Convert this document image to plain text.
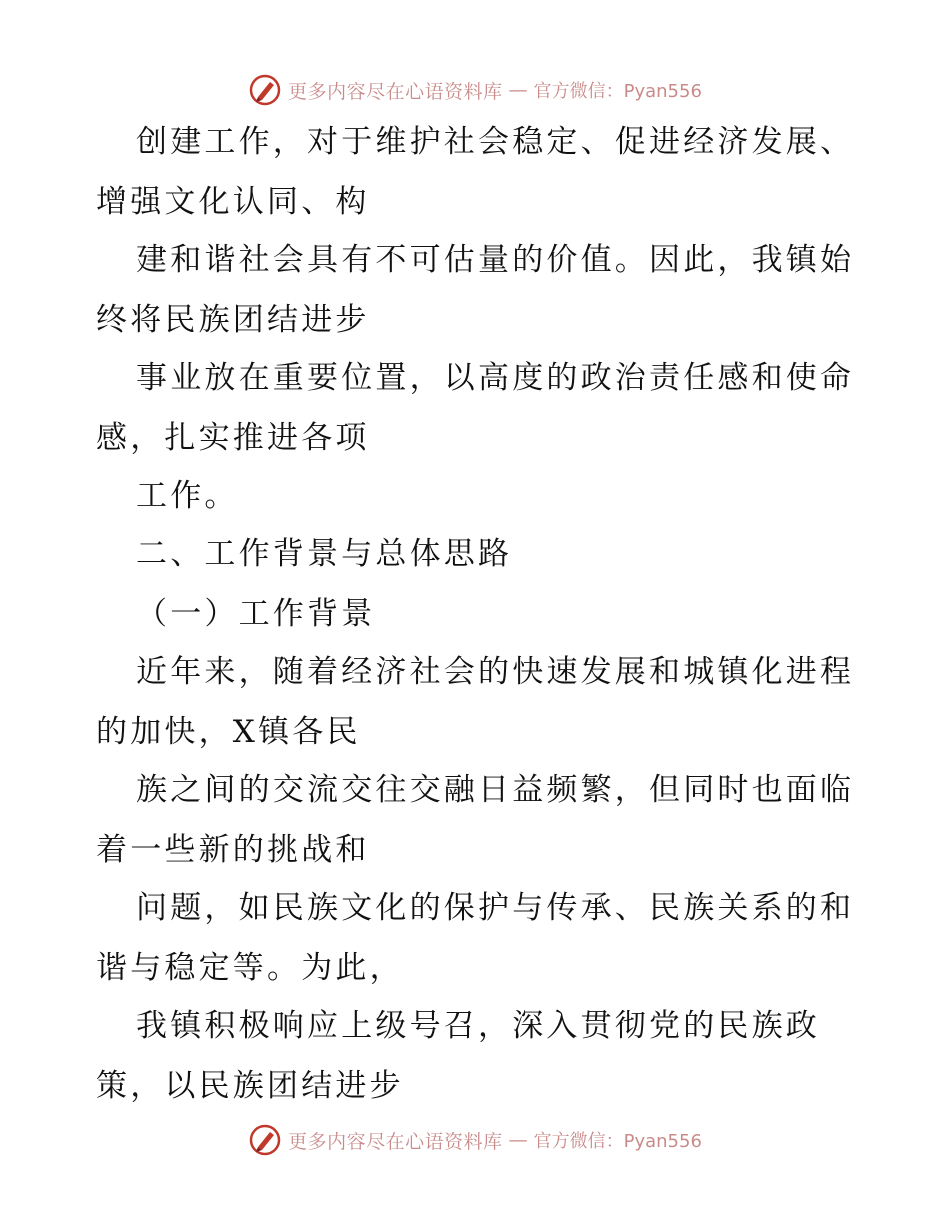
更多内容尽在心语资料库 — 官方微信：Pyan556
创建工作，对于维护社会稳定、促进经济发展、
增强文化认同、构
建和谐社会具有不可估量的价值。因此，我镇始
终将民族团结进步
事业放在重要位置，以高度的政治责任感和使命
感，扎实推进各项
工作。
二、工作背景与总体思路
（一）工作背景
近年来，随着经济社会的快速发展和城镇化进程
的加快，X镇各民
族之间的交流交往交融日益频繁，但同时也面临
着一些新的挑战和
问题，如民族文化的保护与传承、民族关系的和
谐与稳定等。为此，
我镇积极响应上级号召，深入贯彻党的民族政
策，以民族团结进步
更多内容尽在心语资料库 — 官方微信：Pyan556
